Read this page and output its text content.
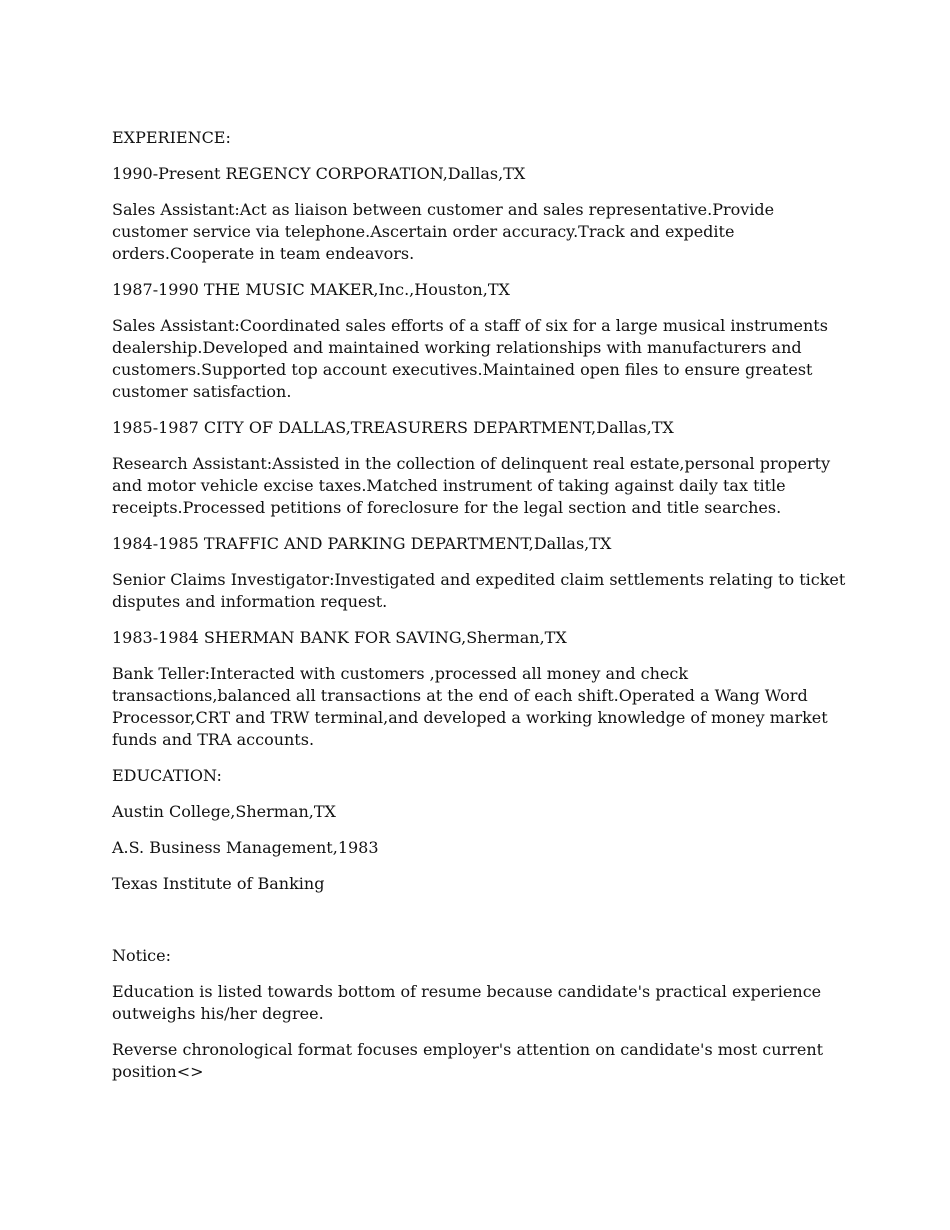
EXPERIENCE:

1990-Present REGENCY CORPORATION,Dallas,TX

Sales Assistant:Act as liaison between customer and sales representative.Provide customer service via telephone.Ascertain order accuracy.Track and expedite orders.Cooperate in team endeavors.

1987-1990 THE MUSIC MAKER,Inc.,Houston,TX

Sales Assistant:Coordinated sales efforts of a staff of six for a large musical instruments dealership.Developed and maintained working relationships with manufacturers and customers.Supported top account executives.Maintained open files to ensure greatest customer satisfaction.

1985-1987 CITY OF DALLAS,TREASURERS DEPARTMENT,Dallas,TX

Research Assistant:Assisted in the collection of delinquent real estate,personal property and motor vehicle excise taxes.Matched instrument of taking against daily tax title receipts.Processed petitions of foreclosure for the legal section and title searches.

1984-1985 TRAFFIC AND PARKING DEPARTMENT,Dallas,TX

Senior Claims Investigator:Investigated and expedited claim settlements relating to ticket disputes and information request.

1983-1984 SHERMAN BANK FOR SAVING,Sherman,TX

Bank Teller:Interacted with customers ,processed all money and check transactions,balanced all transactions at the end of each shift.Operated a Wang Word Processor,CRT and TRW terminal,and developed a working knowledge of money market funds and TRA accounts.

EDUCATION:

Austin College,Sherman,TX

A.S. Business Management,1983

Texas Institute of Banking

Notice:

Education is listed towards bottom of resume because candidate's practical experience outweighs his/her degree.

Reverse chronological format focuses employer's attention on candidate's most current position<>
